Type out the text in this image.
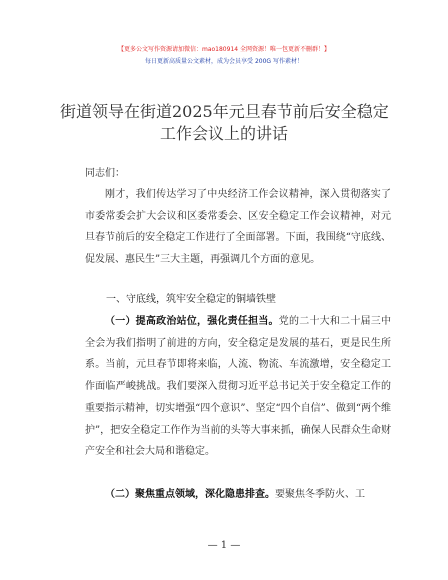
【更多公文写作资源请加微信：mao180914 全网资源！唯一包更新不删群！】
每日更新高质量公文素材，成为会员享受 200G 写作素材！
街道领导在街道2025年元旦春节前后安全稳定
工作会议上的讲话
同志们：
刚才，我们传达学习了中央经济工作会议精神，深入贯彻落实了市委常委会扩大会议和区委常委会、区安全稳定工作会议精神，对元旦春节前后的安全稳定工作进行了全面部署。下面，我围绕“守底线、促发展、惠民生”三大主题，再强调几个方面的意见。
一、守底线，筑牢安全稳定的铜墙铁壁
（一）提高政治站位，强化责任担当。党的二十大和二十届三中全会为我们指明了前进的方向，安全稳定是发展的基石，更是民生所系。当前，元旦春节即将来临，人流、物流、车流激增，安全稳定工作面临严峻挑战。我们要深入贯彻习近平总书记关于安全稳定工作的重要指示精神，切实增强“四个意识”、坚定“四个自信”、做到“两个维护”，把安全稳定工作作为当前的头等大事来抓，确保人民群众生命财产安全和社会大局和谐稳定。
（二）聚焦重点领域，深化隐患排查。要聚焦冬季防火、工
— 1 —
